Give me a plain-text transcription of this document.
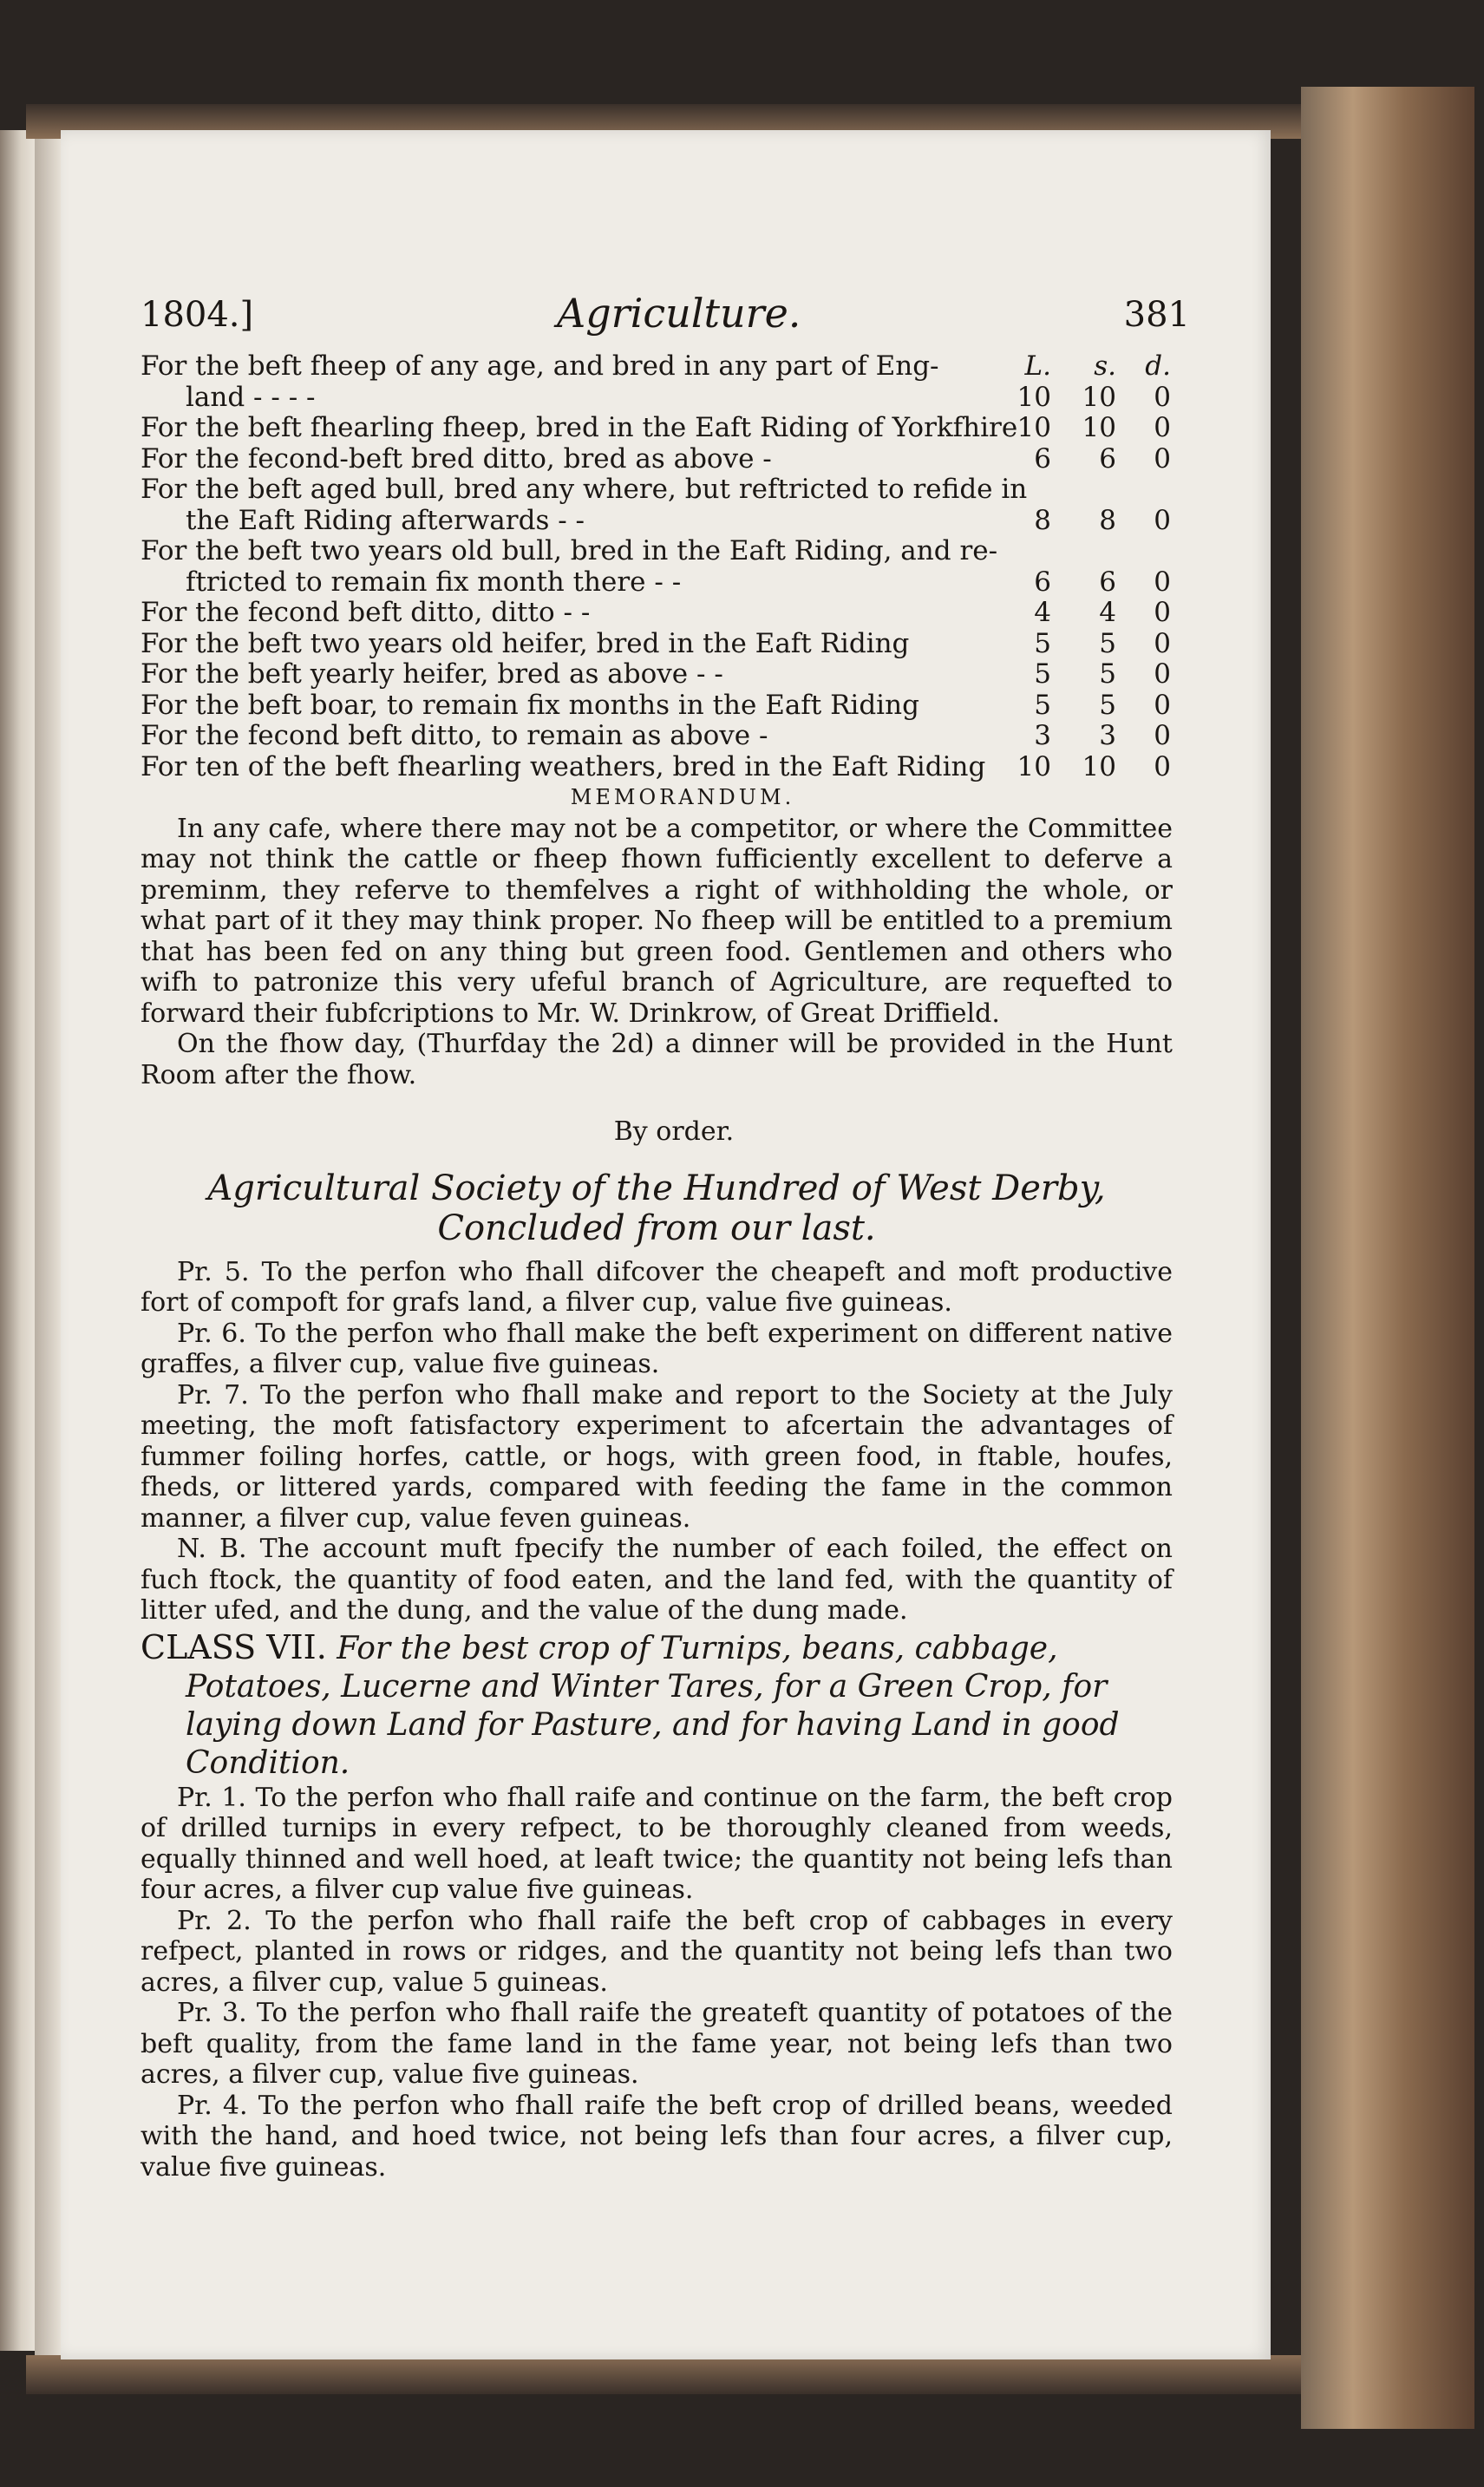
1804.]	Agriculture.	381
For the beft fheep of any age, and bred in any part of Eng-	L.	s.	d.
land - - - -	10 10	0
For the beft fhearling fheep, bred in the Eaft Riding of Yorkfhire 10 10	0
For the fecond-beft bred ditto, bred as above -	6	6	0
For the beft aged bull, bred any where, but reftricted to refide in
the Eaft Riding afterwards - -	8	8	0
For the beft two years old bull, bred in the Eaft Riding, and re-
ftricted to remain fix month there - -	6	6	0
For the fecond beft ditto, ditto - -	4	4	0
For the beft two years old heifer, bred in the Eaft Riding	5	5	0
For the beft yearly heifer, bred as above - -	5	5	0
For the beft boar, to remain fix months in the Eaft Riding	5	5	0
For the fecond beft ditto, to remain as above -	3	3	0
For ten of the beft fhearling weathers, bred in the Eaft Riding 10 10	0
MEMORANDUM.

In any cafe, where there may not be a competitor, or where the Committee may not think the cattle or fheep fhown fufficiently excellent to deferve a preminm, they referve to themfelves a right of withholding the whole, or what part of it they may think proper. No fheep will be entitled to a premium that has been fed on any thing but green food. Gentlemen and others who wifh to patronize this very ufeful branch of Agriculture, are requefted to forward their fubfcriptions to Mr. W. Drinkrow, of Great Driffield.

On the fhow day, (Thurfday the 2d) a dinner will be provided in the Hunt Room after the fhow.

By order.
Agricultural Society of the Hundred of West Derby,
Concluded from our last.

Pr. 5. To the perfon who fhall difcover the cheapeft and moft productive fort of compoft for grafs land, a filver cup, value five guineas.

Pr. 6. To the perfon who fhall make the beft experiment on different native graffes, a filver cup, value five guineas.

Pr. 7. To the perfon who fhall make and report to the Society at the July meeting, the moft fatisfactory experiment to afcertain the advantages of fummer foiling horfes, cattle, or hogs, with green food, in ftable, houfes, fheds, or littered yards, compared with feeding the fame in the common manner, a filver cup, value feven guineas.

N. B. The account muft fpecify the number of each foiled, the effect on fuch ftock, the quantity of food eaten, and the land fed, with the quantity of litter ufed, and the dung, and the value of the dung made.

CLASS VII. For the best crop of Turnips, beans, cabbage, Potatoes, Lucerne and Winter Tares, for a Green Crop, for laying down Land for Pasture, and for having Land in good Condition.

Pr. 1. To the perfon who fhall raife and continue on the farm, the beft crop of drilled turnips in every refpect, to be thoroughly cleaned from weeds, equally thinned and well hoed, at leaft twice; the quantity not being lefs than four acres, a filver cup value five guineas.

Pr. 2. To the perfon who fhall raife the beft crop of cabbages in every refpect, planted in rows or ridges, and the quantity not being lefs than two acres, a filver cup, value 5 guineas.

Pr. 3. To the perfon who fhall raife the greateft quantity of potatoes of the beft quality, from the fame land in the fame year, not being lefs than two acres, a filver cup, value five guineas.

Pr. 4. To the perfon who fhall raife the beft crop of drilled beans, weeded with the hand, and hoed twice, not being lefs than four acres, a filver cup, value five guineas.
